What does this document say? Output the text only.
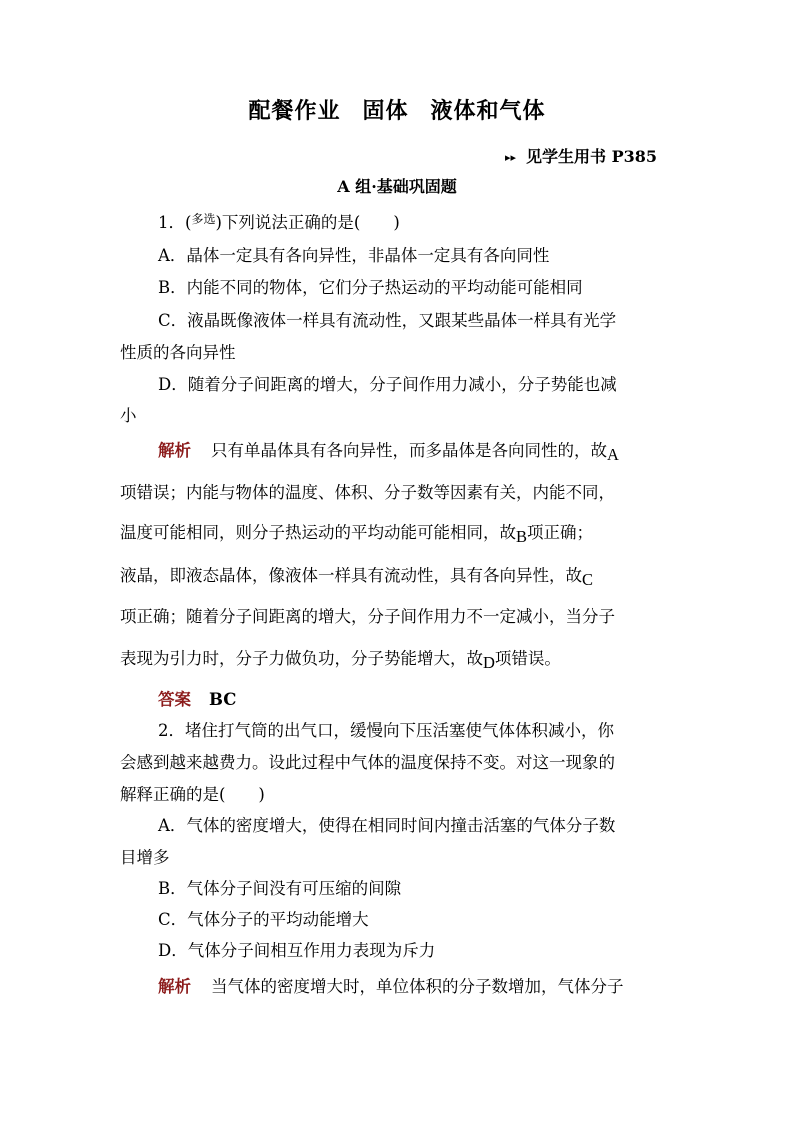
配餐作业 固体 液体和气体
▸▸ 见学生用书 P385
A 组·基础巩固题
1．($^{多选}$)下列说法正确的是(　　)
A．晶体一定具有各向异性，非晶体一定具有各向同性
B．内能不同的物体，它们分子热运动的平均动能可能相同
C．液晶既像液体一样具有流动性，又跟某些晶体一样具有光学
性质的各向异性
D．随着分子间距离的增大，分子间作用力减小，分子势能也减
小
解析 只有单晶体具有各向异性，而多晶体是各向同性的，故A
项错误；内能与物体的温度、体积、分子数等因素有关，内能不同，
温度可能相同，则分子热运动的平均动能可能相同，故B项正确；
液晶，即液态晶体，像液体一样具有流动性，具有各向异性，故C
项正确；随着分子间距离的增大，分子间作用力不一定减小，当分子
表现为引力时，分子力做负功，分子势能增大，故D项错误。
答案 BC
2．堵住打气筒的出气口，缓慢向下压活塞使气体体积减小，你
会感到越来越费力。设此过程中气体的温度保持不变。对这一现象的
解释正确的是(　　)
A．气体的密度增大，使得在相同时间内撞击活塞的气体分子数
目增多
B．气体分子间没有可压缩的间隙
C．气体分子的平均动能增大
D．气体分子间相互作用力表现为斥力
解析 当气体的密度增大时，单位体积的分子数增加，气体分子
